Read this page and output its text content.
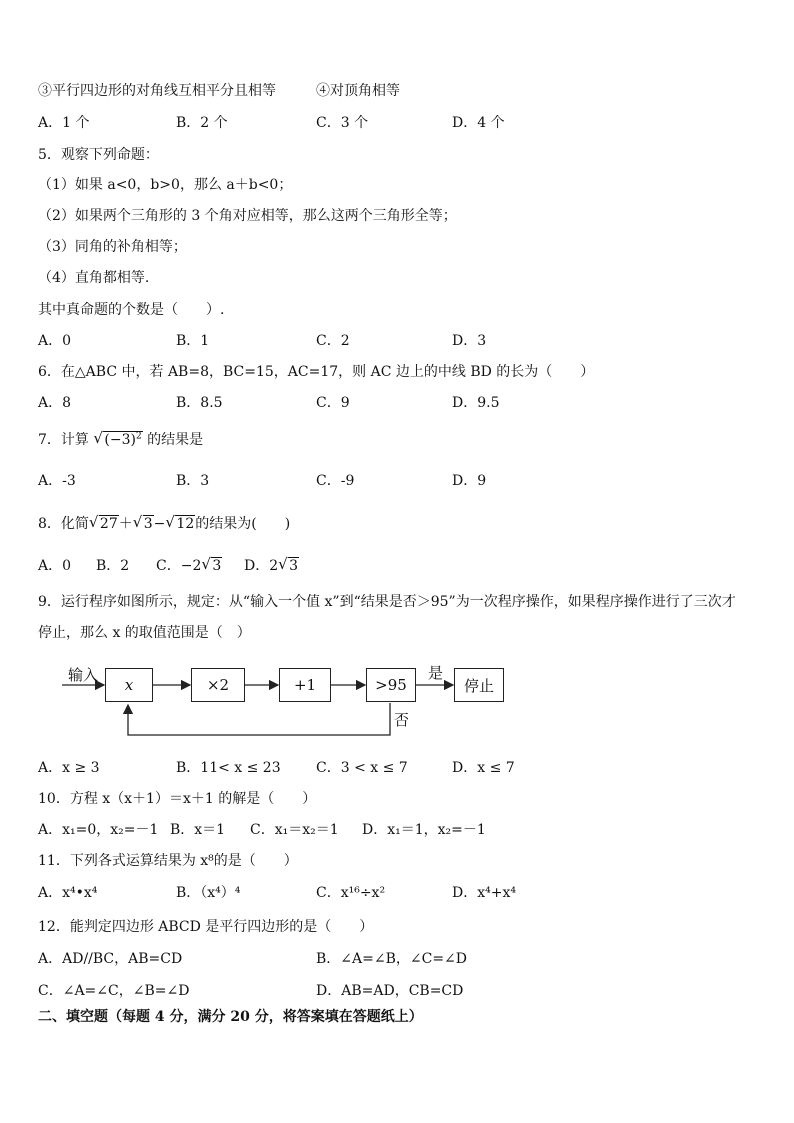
③平行四边形的对角线互相平分且相等	④对顶角相等
A．1 个	B．2 个	C．3 个	D．4 个
5．观察下列命题：
（1）如果 a<0，b>0，那么 a＋b<0；
（2）如果两个三角形的 3 个角对应相等，那么这两个三角形全等；
（3）同角的补角相等；
（4）直角都相等.
其中真命题的个数是（　　）.
A．0	B．1	C．2	D．3
6．在△ABC 中，若 AB=8，BC=15，AC=17，则 AC 边上的中线 BD 的长为（　　）
A．8	B．8.5	C．9	D．9.5
7．计算 √ $(-3)^2$ 的结果是
A．-3	B．3	C．-9	D．9
8．化简 √ 27＋ √ 3− √ 12的结果为(　　)
A．0 B．2 C．−2 √ 3 D．2 √ 3
9．运行程序如图所示，规定：从“输入一个值 x”到“结果是否＞95”为一次程序操作，如果程序操作进行了三次才
停止，那么 x 的取值范围是（　）
输入
x	×2	+1	>95
是
否
停止
A．x ≥ 3	B．11< x ≤ 23	C．3 < x ≤ 7	D．x ≤ 7
10．方程 x（x＋1）＝x＋1 的解是（　　）
A．x₁=0，x₂=－1 B．x＝1 C．x₁＝x₂＝1 D．x₁＝1，x₂=－1
11．下列各式运算结果为 x⁸的是（　　）
A．x⁴•x⁴	B．（x⁴）⁴	C．x¹⁶÷x²	D．x⁴+x⁴
12．能判定四边形 ABCD 是平行四边形的是（　　）
A．AD//BC，AB=CD	B．∠A=∠B，∠C=∠D
C．∠A=∠C，∠B=∠D	D．AB=AD，CB=CD
二、填空题（每题 4 分，满分 20 分，将答案填在答题纸上）
